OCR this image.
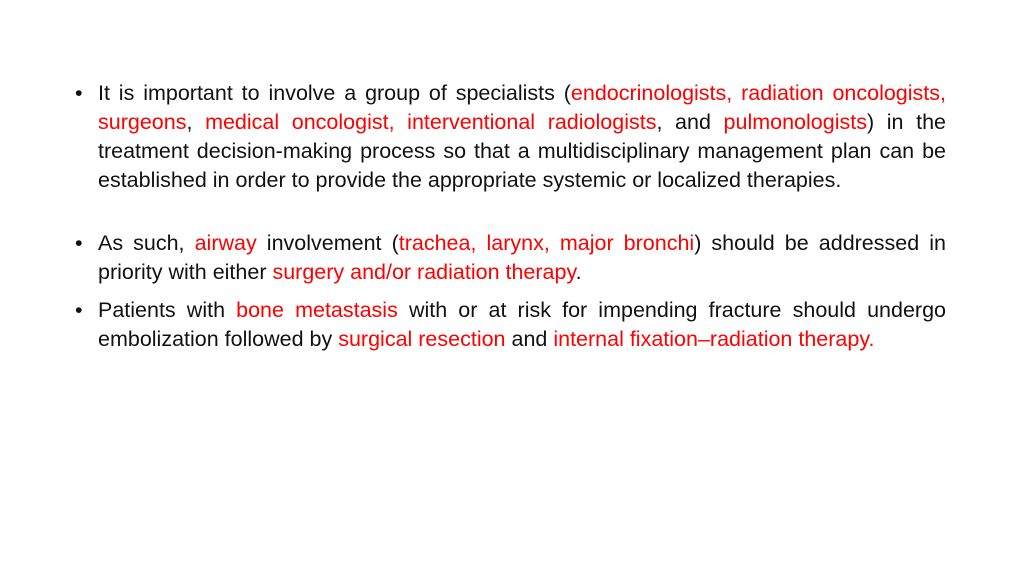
• It is important to involve a group of specialists (endocrinologists, radiation oncologists, surgeons, medical oncologist, interventional radiologists, and pulmonologists) in the treatment decision-making process so that a multidisciplinary management plan can be established in order to provide the appropriate systemic or localized therapies.
• As such, airway involvement (trachea, larynx, major bronchi) should be addressed in priority with either surgery and/or radiation therapy.
• Patients with bone metastasis with or at risk for impending fracture should undergo embolization followed by surgical resection and internal fixation–radiation therapy.
